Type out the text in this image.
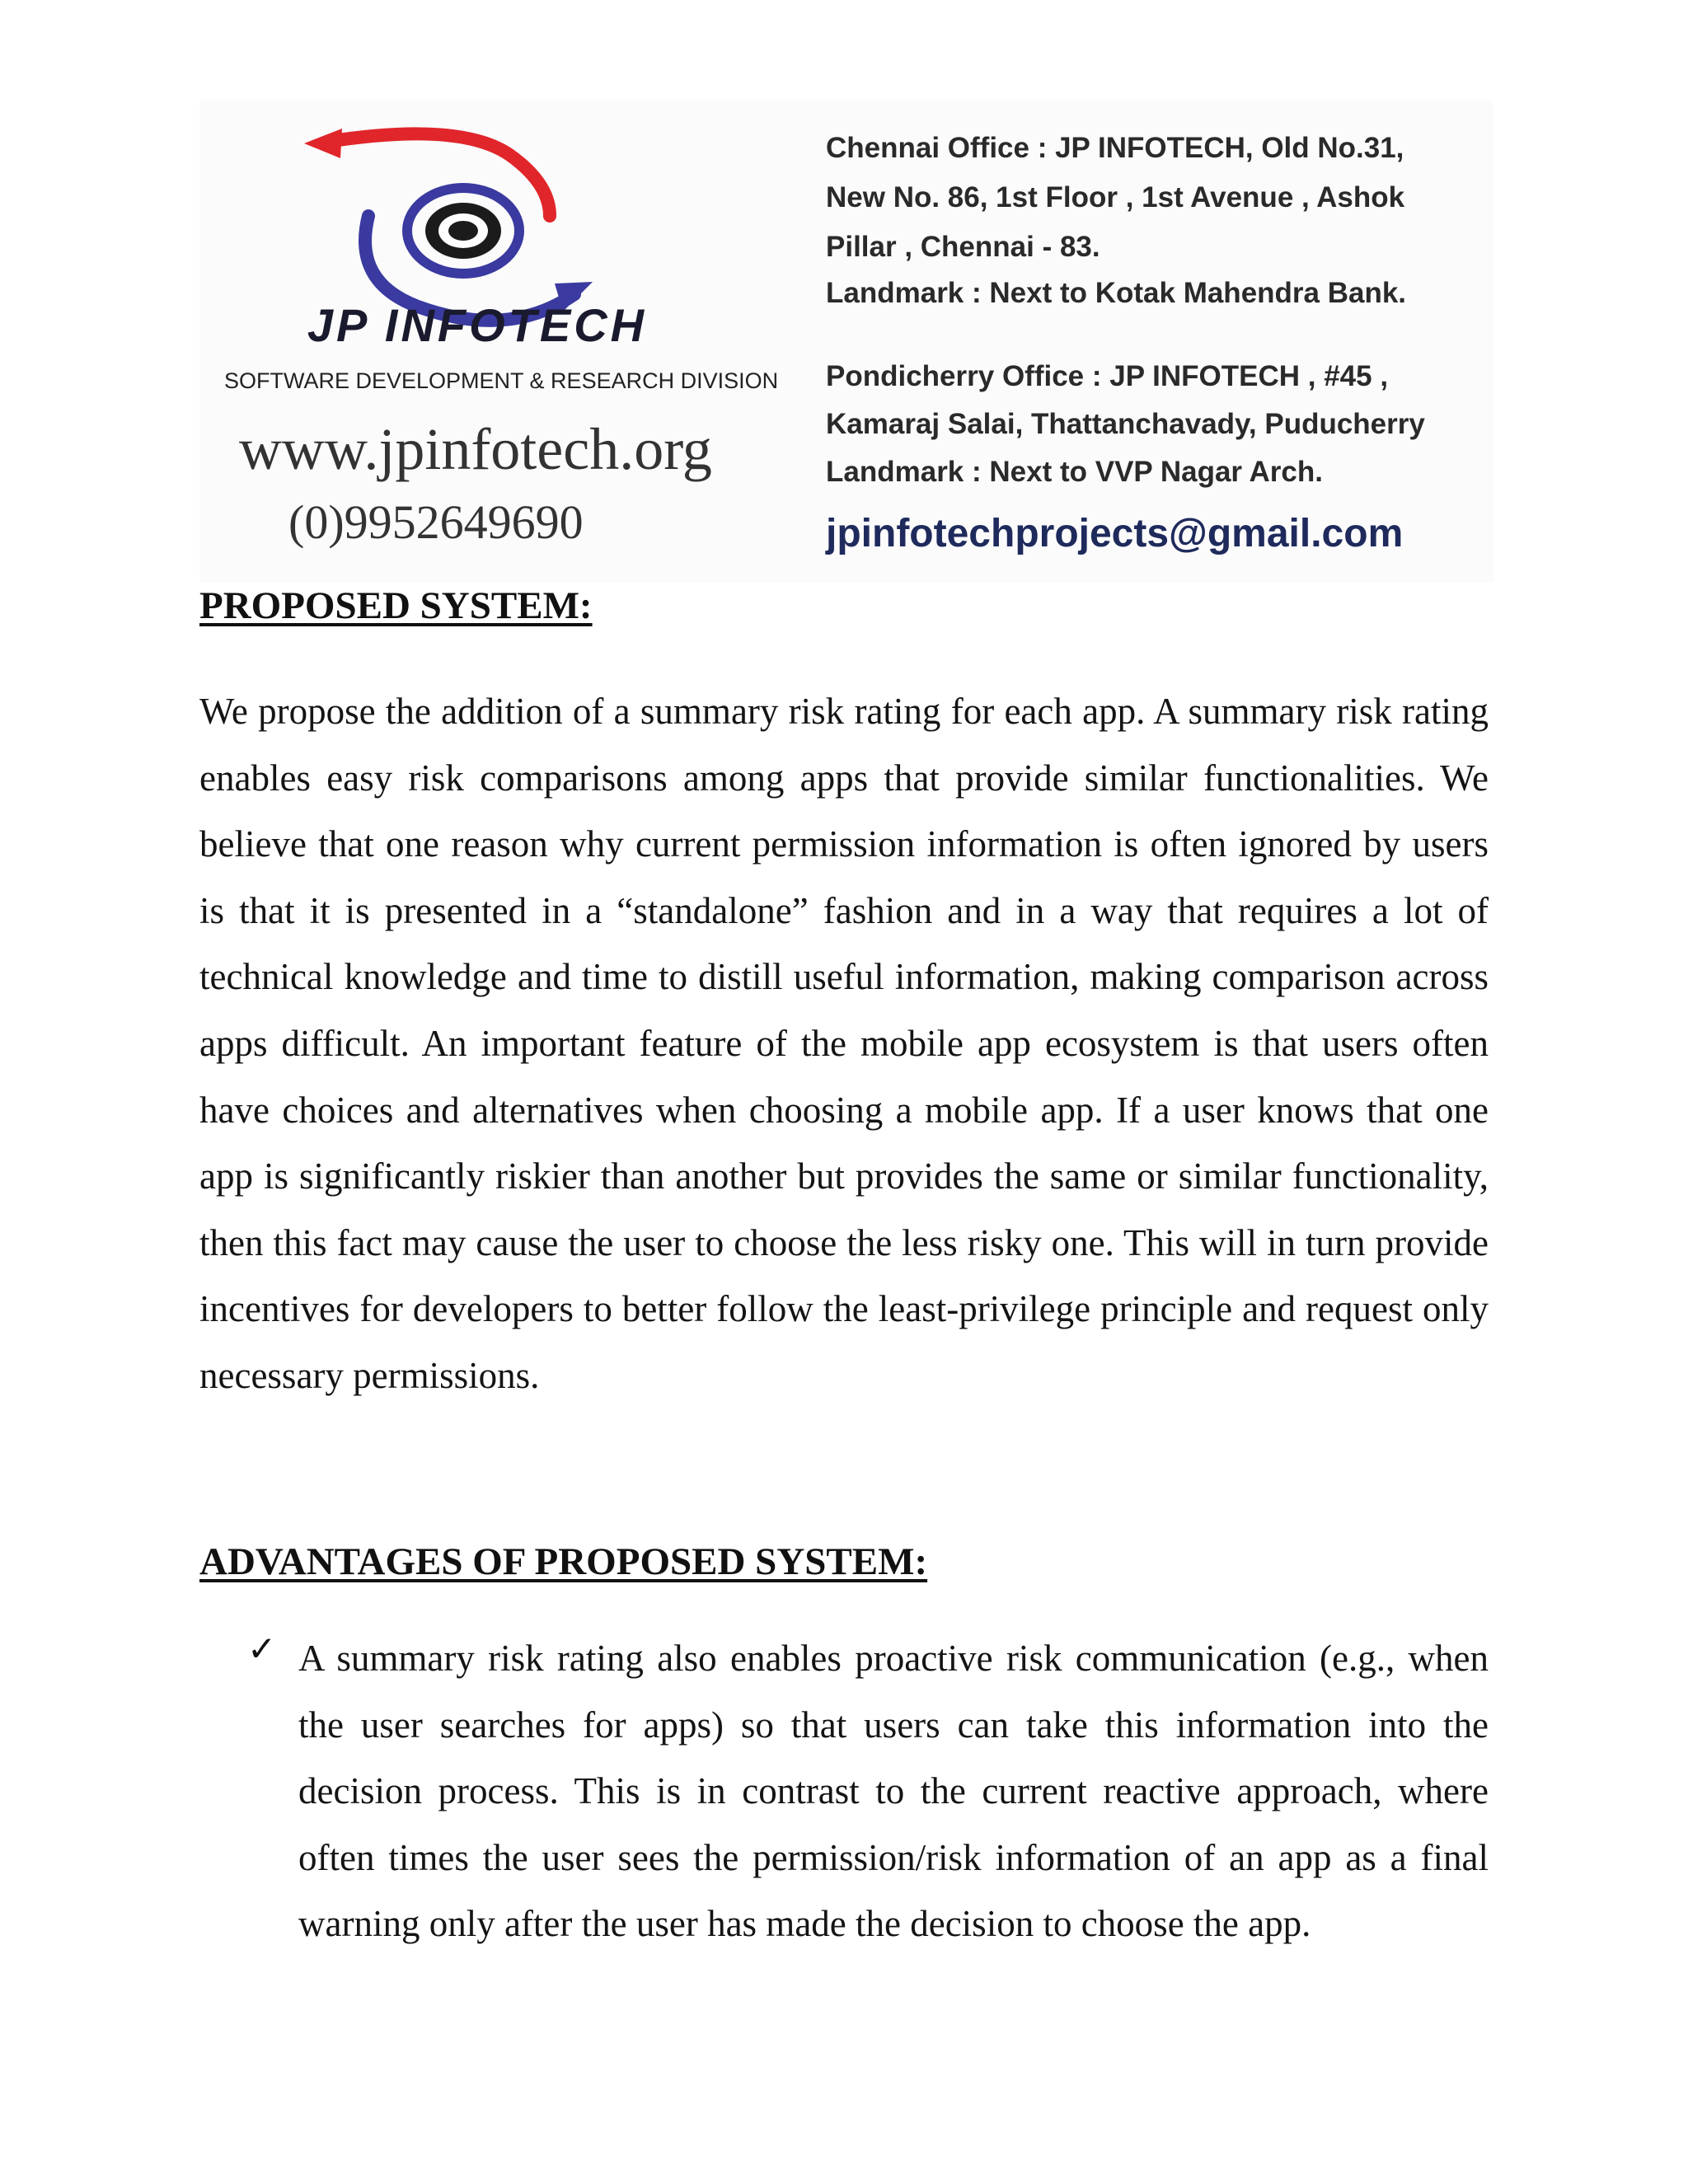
JP INFOTECH

SOFTWARE DEVELOPMENT & RESEARCH DIVISION
www.jpinfotech.org
(0)9952649690

Chennai Office : JP INFOTECH, Old No.31,

New No. 86, 1st Floor , 1st Avenue , Ashok

Pillar , Chennai - 83.

Landmark : Next to Kotak Mahendra Bank.

Pondicherry Office : JP INFOTECH , #45 ,

Kamaraj Salai, Thattanchavady, Puducherry

Landmark : Next to VVP Nagar Arch.

jpinfotechprojects@gmail.com
PROPOSED SYSTEM:

We propose the addition of a summary risk rating for each app. A summary risk rating enables easy risk comparisons among apps that provide similar functionalities. We believe that one reason why current permission information is often ignored by users is that it is presented in a “standalone” fashion and in a way that requires a lot of technical knowledge and time to distill useful information, making comparison across apps difficult. An important feature of the mobile app ecosystem is that users often have choices and alternatives when choosing a mobile app. If a user knows that one app is significantly riskier than another but provides the same or similar functionality, then this fact may cause the user to choose the less risky one. This will in turn provide incentives for developers to better follow the least-privilege principle and request only necessary permissions.

ADVANTAGES OF PROPOSED SYSTEM:
✓ A summary risk rating also enables proactive risk communication (e.g., when the user searches for apps) so that users can take this information into the decision process. This is in contrast to the current reactive approach, where often times the user sees the permission/risk information of an app as a final warning only after the user has made the decision to choose the app.
